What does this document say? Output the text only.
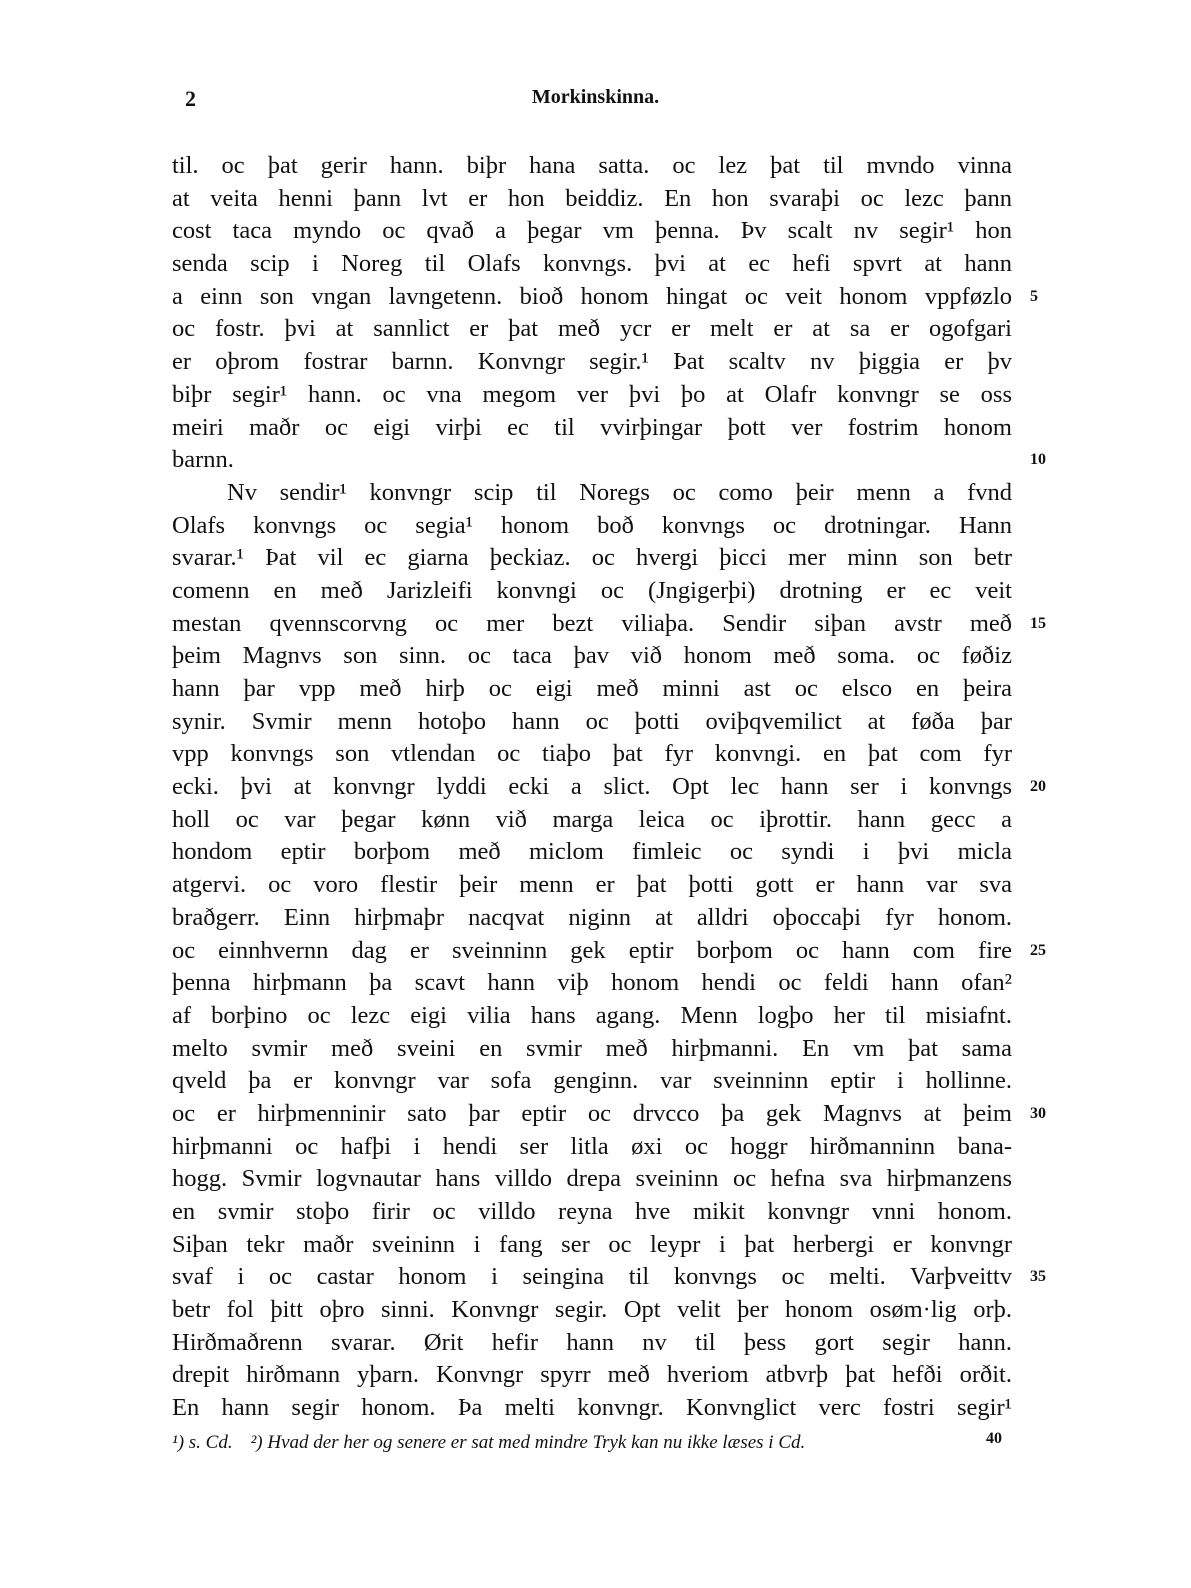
2	Morkinskinna.
til. oc þat gerir hann. biþr hana satta. oc lez þat til mvndo vinna
at veita henni þann lvt er hon beiddiz. En hon svaraþi oc lezc þann
cost taca myndo oc qvað a þegar vm þenna. Þv scalt nv segir¹ hon
senda scip i Noreg til Olafs konvngs. þvi at ec hefi spvrt at hann
a einn son vngan lavngetenn. bioð honom hingat oc veit honom vppføzlo 5
oc fostr. þvi at sannlict er þat með ycr er melt er at sa er ogofgari
er oþrom fostrar barnn. Konvngr segir.¹ Þat scaltv nv þiggia er þv
biþr segir¹ hann. oc vna megom ver þvi þo at Olafr konvngr se oss
meiri maðr oc eigi virþi ec til vvirþingar þott ver fostrim honom
barnn.	10
Nv sendir¹ konvngr scip til Noregs oc como þeir menn a fvnd
Olafs konvngs oc segia¹ honom boð konvngs oc drotningar. Hann
svarar.¹ Þat vil ec giarna þeckiaz. oc hvergi þicci mer minn son betr
comenn en með Jarizleifi konvngi oc (Jngigerþi) drotning er ec veit
mestan qvennscorvng oc mer bezt viliaþa. Sendir siþan avstr með 15
þeim Magnvs son sinn. oc taca þav við honom með soma. oc føðiz
hann þar vpp með hirþ oc eigi með minni ast oc elsco en þeira
synir. Svmir menn hotoþo hann oc þotti oviþqvemilict at føða þar
vpp konvngs son vtlendan oc tiaþo þat fyr konvngi. en þat com fyr
ecki. þvi at konvngr lyddi ecki a slict. Opt lec hann ser i konvngs 20
holl oc var þegar kønn við marga leica oc iþrottir. hann gecc a
hondom eptir borþom með miclom fimleic oc syndi i þvi micla
atgervi. oc voro flestir þeir menn er þat þotti gott er hann var sva
braðgerr. Einn hirþmaþr nacqvat niginn at alldri oþoccaþi fyr honom.
oc einnhvernn dag er sveinninn gek eptir borþom oc hann com fire 25
þenna hirþmann þa scavt hann viþ honom hendi oc feldi hann ofan²
af borþino oc lezc eigi vilia hans agang. Menn logþo her til misiafnt.
melto svmir með sveini en svmir með hirþmanni. En vm þat sama
qveld þa er konvngr var sofa genginn. var sveinninn eptir i hollinne.
oc er hirþmenninir sato þar eptir oc drvcco þa gek Magnvs at þeim 30
hirþmanni oc hafþi i hendi ser litla øxi oc hoggr hirðmanninn bana-
hogg. Svmir logvnautar hans villdo drepa sveininn oc hefna sva hirþmanzens
en svmir stoþo firir oc villdo reyna hve mikit konvngr vnni honom.
Siþan tekr maðr sveininn i fang ser oc leypr i þat herbergi er konvngr
svaf i oc castar honom i seingina til konvngs oc melti. Varþveittv 35
betr fol þitt oþro sinni. Konvngr segir. Opt velit þer honom osøm·lig orþ.
Hirðmaðrenn svarar. Ørit hefir hann nv til þess gort segir hann.
drepit hirðmann yþarn. Konvngr spyrr með hveriom atbvrþ þat hefði orðit.
En hann segir honom. Þa melti konvngr. Konvnglict verc fostri segir¹
¹) s. Cd. ²) Hvad der her og senere er sat med mindre Tryk kan nu ikke læses i Cd.	40
